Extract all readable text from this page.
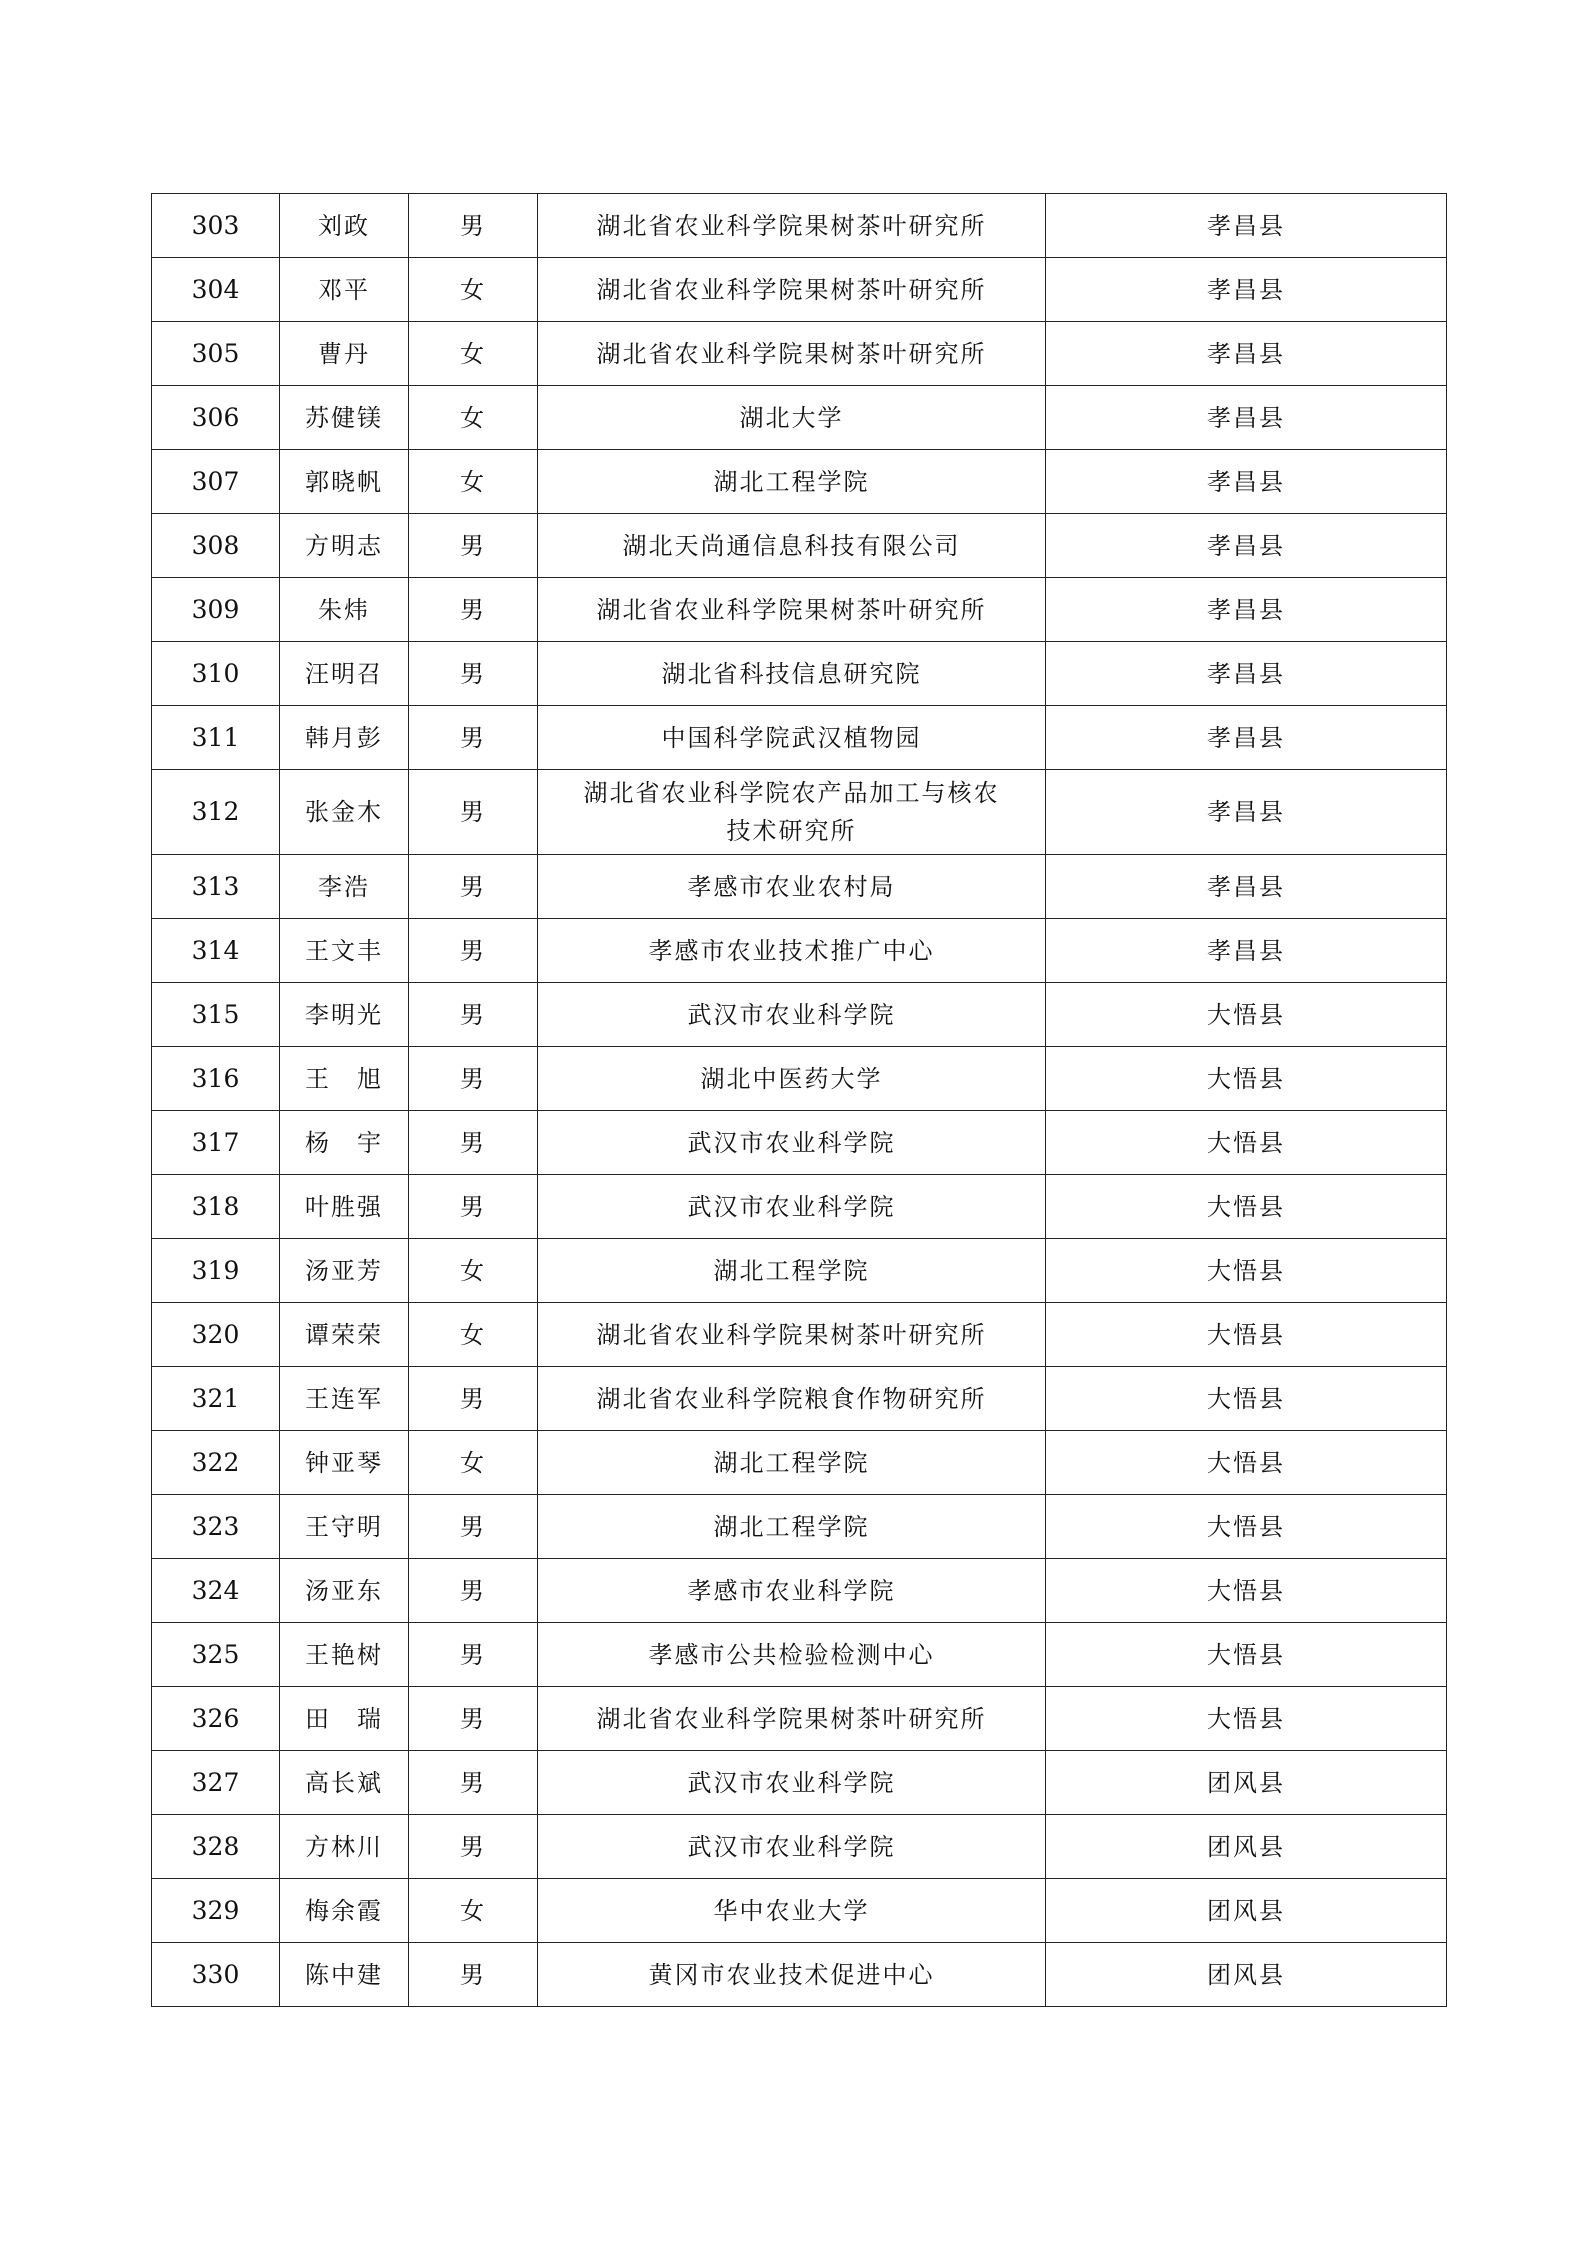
303	刘政	男	湖北省农业科学院果树茶叶研究所	孝昌县
304	邓平	女	湖北省农业科学院果树茶叶研究所	孝昌县
305	曹丹	女	湖北省农业科学院果树茶叶研究所	孝昌县
306	苏健镁	女	湖北大学	孝昌县
307	郭晓帆	女	湖北工程学院	孝昌县
308	方明志	男	湖北天尚通信息科技有限公司	孝昌县
309	朱炜	男	湖北省农业科学院果树茶叶研究所	孝昌县
310	汪明召	男	湖北省科技信息研究院	孝昌县
311	韩月彭	男	中国科学院武汉植物园	孝昌县
312	张金木	男	湖北省农业科学院农产品加工与核农技术研究所	孝昌县
313	李浩	男	孝感市农业农村局	孝昌县
314	王文丰	男	孝感市农业技术推广中心	孝昌县
315	李明光	男	武汉市农业科学院	大悟县
316	王　旭	男	湖北中医药大学	大悟县
317	杨　宇	男	武汉市农业科学院	大悟县
318	叶胜强	男	武汉市农业科学院	大悟县
319	汤亚芳	女	湖北工程学院	大悟县
320	谭荣荣	女	湖北省农业科学院果树茶叶研究所	大悟县
321	王连军	男	湖北省农业科学院粮食作物研究所	大悟县
322	钟亚琴	女	湖北工程学院	大悟县
323	王守明	男	湖北工程学院	大悟县
324	汤亚东	男	孝感市农业科学院	大悟县
325	王艳树	男	孝感市公共检验检测中心	大悟县
326	田　瑞	男	湖北省农业科学院果树茶叶研究所	大悟县
327	高长斌	男	武汉市农业科学院	团风县
328	方林川	男	武汉市农业科学院	团风县
329	梅余霞	女	华中农业大学	团风县
330	陈中建	男	黄冈市农业技术促进中心	团风县
